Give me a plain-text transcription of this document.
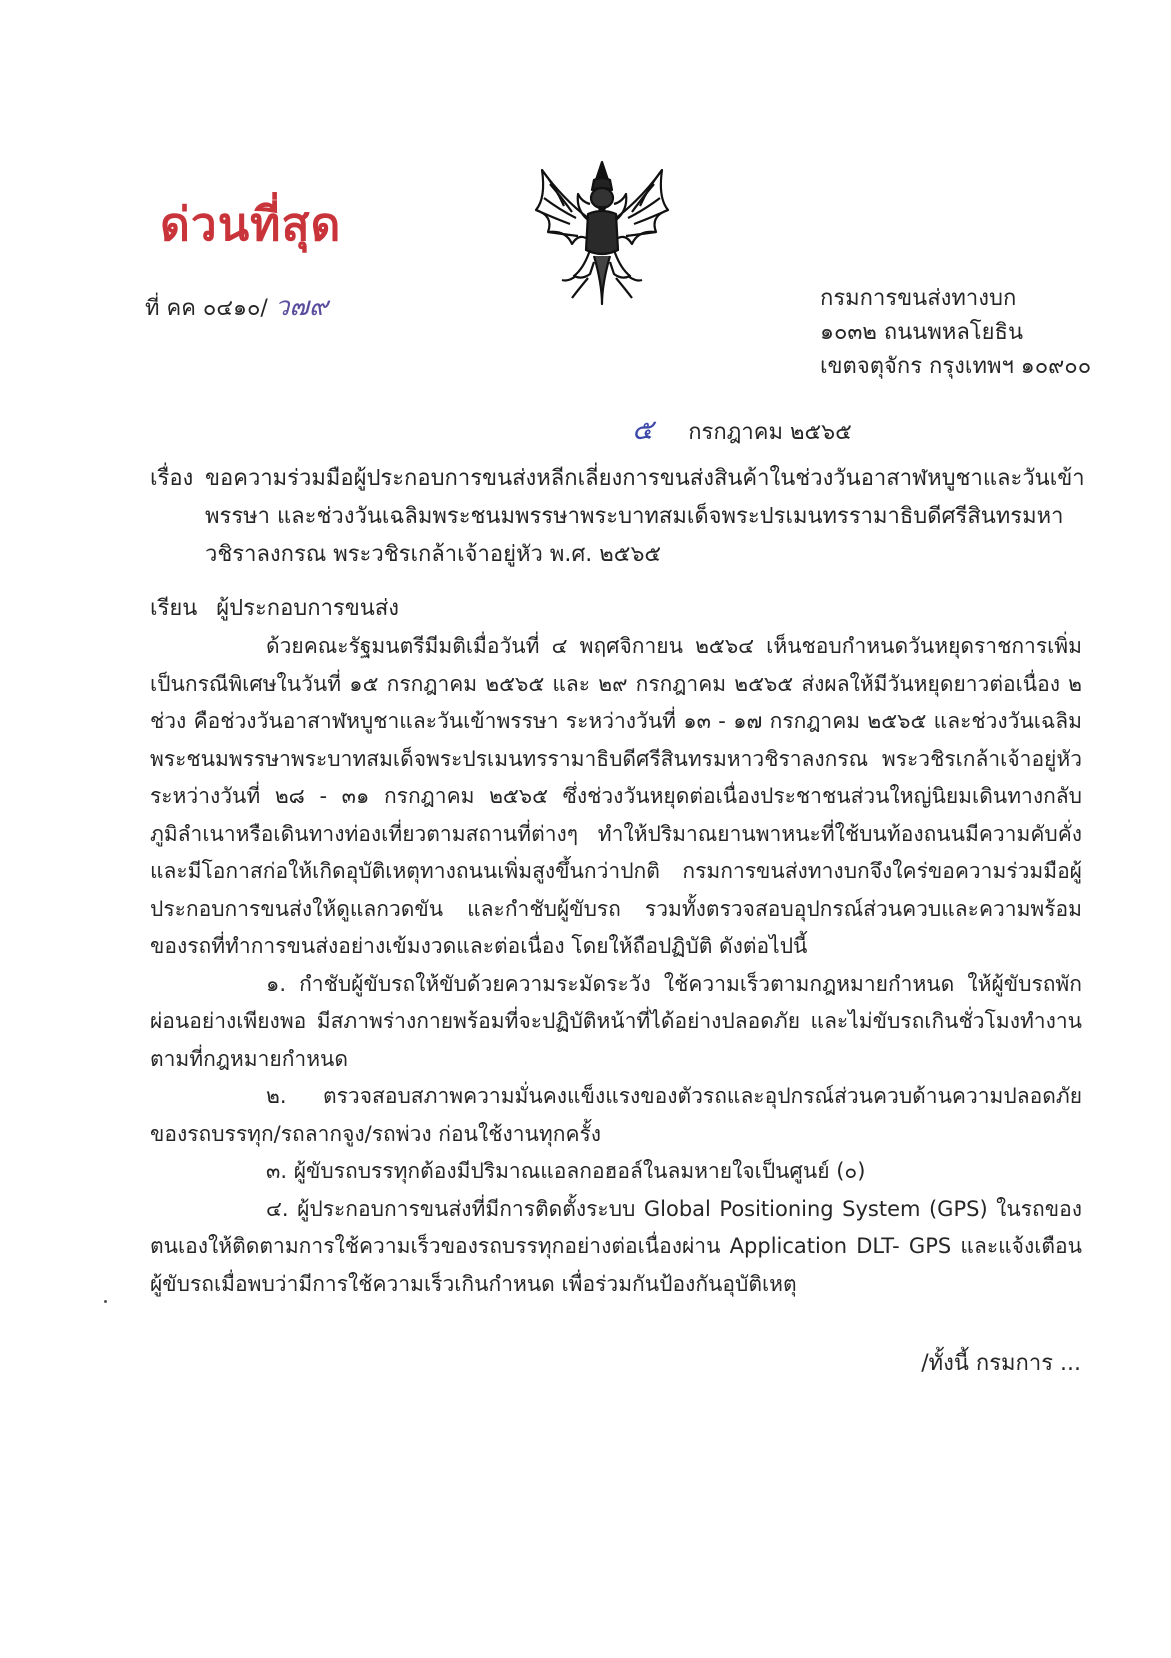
ด่วนที่สุด
ที่ คค ๐๔๑๐/ ว๗๙	กรมการขนส่งทางบก
๑๐๓๒ ถนนพหลโยธิน
เขตจตุจักร กรุงเทพฯ ๑๐๙๐๐
๕ กรกฎาคม ๒๕๖๕
เรื่อง ขอความร่วมมือผู้ประกอบการขนส่งหลีกเลี่ยงการขนส่งสินค้าในช่วงวันอาสาฬหบูชาและวันเข้าพรรษา และช่วงวันเฉลิมพระชนมพรรษาพระบาทสมเด็จพระปรเมนทรรามาธิบดีศรีสินทรมหาวชิราลงกรณ พระวชิรเกล้าเจ้าอยู่หัว พ.ศ. ๒๕๖๕
เรียน ผู้ประกอบการขนส่ง

ด้วยคณะรัฐมนตรีมีมติเมื่อวันที่ ๔ พฤศจิกายน ๒๕๖๔ เห็นชอบกำหนดวันหยุดราชการเพิ่มเป็นกรณีพิเศษในวันที่ ๑๕ กรกฎาคม ๒๕๖๕ และ ๒๙ กรกฎาคม ๒๕๖๕ ส่งผลให้มีวันหยุดยาวต่อเนื่อง ๒ ช่วง คือช่วงวันอาสาฬหบูชาและวันเข้าพรรษา ระหว่างวันที่ ๑๓ - ๑๗ กรกฎาคม ๒๕๖๕ และช่วงวันเฉลิมพระชนมพรรษาพระบาทสมเด็จพระปรเมนทรรามาธิบดีศรีสินทรมหาวชิราลงกรณ พระวชิรเกล้าเจ้าอยู่หัว ระหว่างวันที่ ๒๘ - ๓๑ กรกฎาคม ๒๕๖๕ ซึ่งช่วงวันหยุดต่อเนื่องประชาชนส่วนใหญ่นิยมเดินทางกลับภูมิลำเนาหรือเดินทางท่องเที่ยวตามสถานที่ต่างๆ ทำให้ปริมาณยานพาหนะที่ใช้บนท้องถนนมีความคับคั่งและมีโอกาสก่อให้เกิดอุบัติเหตุทางถนนเพิ่มสูงขึ้นกว่าปกติ กรมการขนส่งทางบกจึงใคร่ขอความร่วมมือผู้ประกอบการขนส่งให้ดูแลกวดขัน และกำชับผู้ขับรถ รวมทั้งตรวจสอบอุปกรณ์ส่วนควบและความพร้อมของรถที่ทำการขนส่งอย่างเข้มงวดและต่อเนื่อง โดยให้ถือปฏิบัติ ดังต่อไปนี้

๑. กำชับผู้ขับรถให้ขับด้วยความระมัดระวัง ใช้ความเร็วตามกฎหมายกำหนด ให้ผู้ขับรถพักผ่อนอย่างเพียงพอ มีสภาพร่างกายพร้อมที่จะปฏิบัติหน้าที่ได้อย่างปลอดภัย และไม่ขับรถเกินชั่วโมงทำงานตามที่กฎหมายกำหนด

๒. ตรวจสอบสภาพความมั่นคงแข็งแรงของตัวรถและอุปกรณ์ส่วนควบด้านความปลอดภัยของรถบรรทุก/รถลากจูง/รถพ่วง ก่อนใช้งานทุกครั้ง

๓. ผู้ขับรถบรรทุกต้องมีปริมาณแอลกอฮอล์ในลมหายใจเป็นศูนย์ (๐)

๔. ผู้ประกอบการขนส่งที่มีการติดตั้งระบบ Global Positioning System (GPS) ในรถของตนเองให้ติดตามการใช้ความเร็วของรถบรรทุกอย่างต่อเนื่องผ่าน Application DLT- GPS และแจ้งเตือนผู้ขับรถเมื่อพบว่ามีการใช้ความเร็วเกินกำหนด เพื่อร่วมกันป้องกันอุบัติเหตุ

/ทั้งนี้ กรมการ ...
